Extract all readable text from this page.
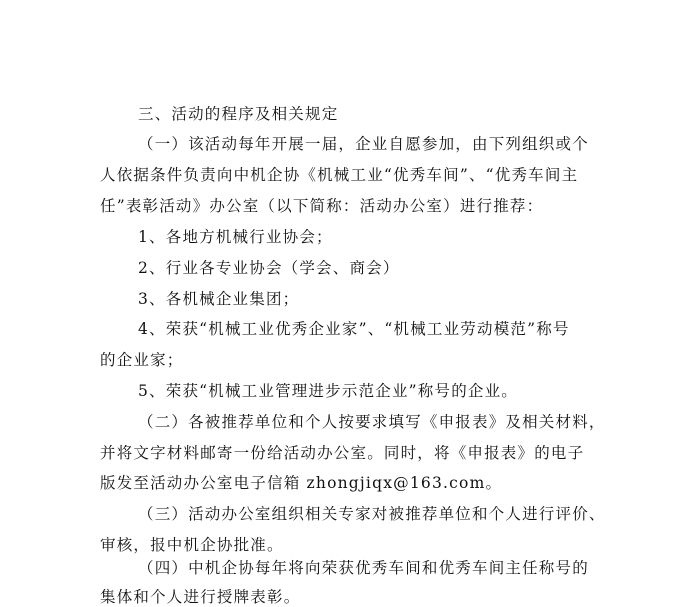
三、活动的程序及相关规定
（一）该活动每年开展一届，企业自愿参加，由下列组织或个
人依据条件负责向中机企协《机械工业“优秀车间”、“优秀车间主
任”表彰活动》办公室（以下简称：活动办公室）进行推荐：
1、各地方机械行业协会；
2、行业各专业协会（学会、商会）
3、各机械企业集团；
4、荣获“机械工业优秀企业家”、“机械工业劳动模范”称号
的企业家；
5、荣获“机械工业管理进步示范企业”称号的企业。
（二）各被推荐单位和个人按要求填写《申报表》及相关材料，
并将文字材料邮寄一份给活动办公室。同时，将《申报表》的电子
版发至活动办公室电子信箱 zhongjiqx@163.com。
（三）活动办公室组织相关专家对被推荐单位和个人进行评价、
审核，报中机企协批准。
（四）中机企协每年将向荣获优秀车间和优秀车间主任称号的
集体和个人进行授牌表彰。
